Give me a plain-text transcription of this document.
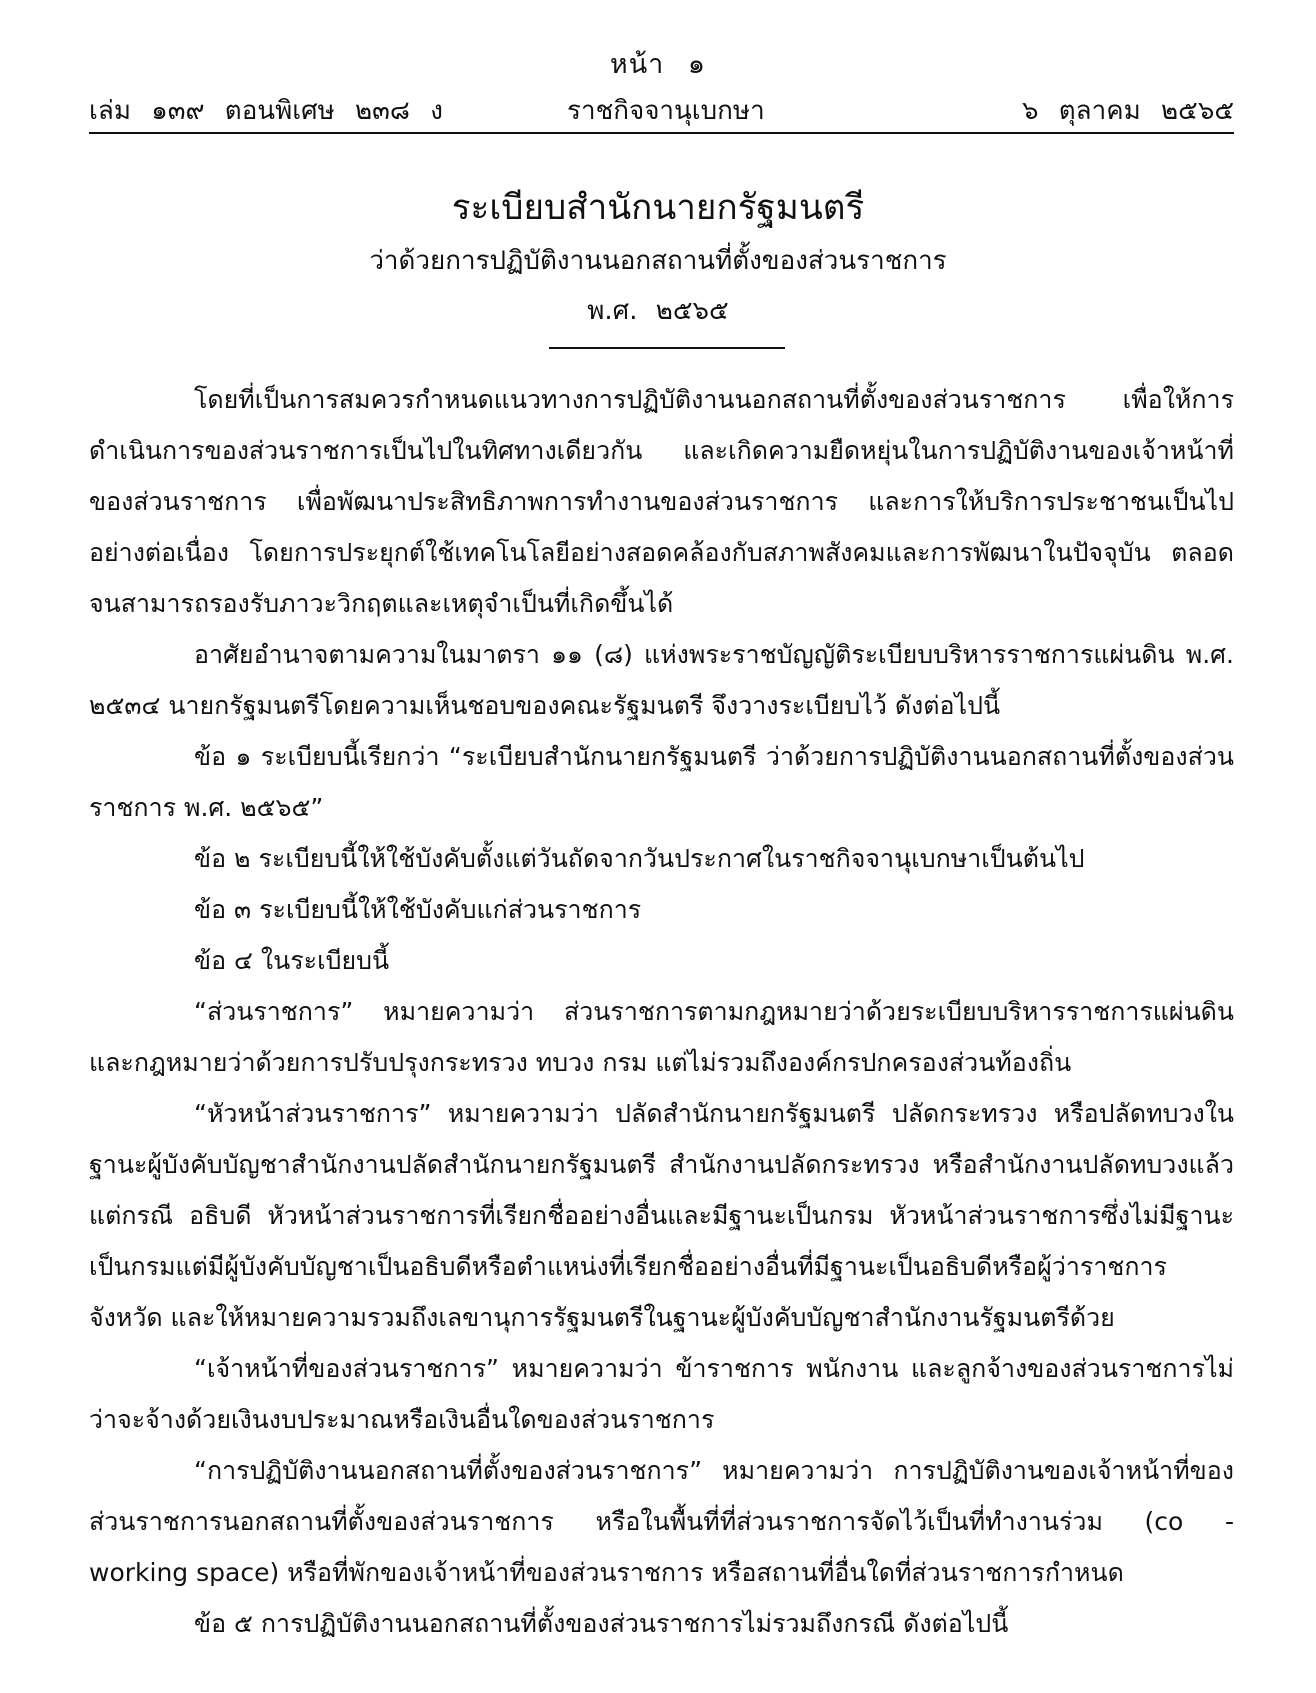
หน้า ๑
เล่ม ๑๓๙ ตอนพิเศษ ๒๓๘ ง	ราชกิจจานุเบกษา	๖ ตุลาคม ๒๕๖๕
ระเบียบสำนักนายกรัฐมนตรี
ว่าด้วยการปฏิบัติงานนอกสถานที่ตั้งของส่วนราชการ
พ.ศ. ๒๕๖๕

โดยที่เป็นการสมควรกำหนดแนวทางการปฏิบัติงานนอกสถานที่ตั้งของส่วนราชการ เพื่อให้การดำเนินการของส่วนราชการเป็นไปในทิศทางเดียวกัน และเกิดความยืดหยุ่นในการปฏิบัติงานของเจ้าหน้าที่ของส่วนราชการ เพื่อพัฒนาประสิทธิภาพการทำงานของส่วนราชการ และการให้บริการประชาชนเป็นไปอย่างต่อเนื่อง โดยการประยุกต์ใช้เทคโนโลยีอย่างสอดคล้องกับสภาพสังคมและการพัฒนาในปัจจุบัน ตลอดจนสามารถรองรับภาวะวิกฤตและเหตุจำเป็นที่เกิดขึ้นได้

อาศัยอำนาจตามความในมาตรา ๑๑ (๘) แห่งพระราชบัญญัติระเบียบบริหารราชการแผ่นดิน พ.ศ. ๒๕๓๔ นายกรัฐมนตรีโดยความเห็นชอบของคณะรัฐมนตรี จึงวางระเบียบไว้ ดังต่อไปนี้

ข้อ ๑ ระเบียบนี้เรียกว่า “ระเบียบสำนักนายกรัฐมนตรี ว่าด้วยการปฏิบัติงานนอกสถานที่ตั้งของส่วนราชการ พ.ศ. ๒๕๖๕”

ข้อ ๒ ระเบียบนี้ให้ใช้บังคับตั้งแต่วันถัดจากวันประกาศในราชกิจจานุเบกษาเป็นต้นไป

ข้อ ๓ ระเบียบนี้ให้ใช้บังคับแก่ส่วนราชการ

ข้อ ๔ ในระเบียบนี้

“ส่วนราชการ” หมายความว่า ส่วนราชการตามกฎหมายว่าด้วยระเบียบบริหารราชการแผ่นดินและกฎหมายว่าด้วยการปรับปรุงกระทรวง ทบวง กรม แต่ไม่รวมถึงองค์กรปกครองส่วนท้องถิ่น

“หัวหน้าส่วนราชการ” หมายความว่า ปลัดสำนักนายกรัฐมนตรี ปลัดกระทรวง หรือปลัดทบวงในฐานะผู้บังคับบัญชาสำนักงานปลัดสำนักนายกรัฐมนตรี สำนักงานปลัดกระทรวง หรือสำนักงานปลัดทบวงแล้วแต่กรณี อธิบดี หัวหน้าส่วนราชการที่เรียกชื่ออย่างอื่นและมีฐานะเป็นกรม หัวหน้าส่วนราชการซึ่งไม่มีฐานะเป็นกรมแต่มีผู้บังคับบัญชาเป็นอธิบดีหรือตำแหน่งที่เรียกชื่ออย่างอื่นที่มีฐานะเป็นอธิบดีหรือผู้ว่าราชการจังหวัด และให้หมายความรวมถึงเลขานุการรัฐมนตรีในฐานะผู้บังคับบัญชาสำนักงานรัฐมนตรีด้วย

“เจ้าหน้าที่ของส่วนราชการ” หมายความว่า ข้าราชการ พนักงาน และลูกจ้างของส่วนราชการไม่ว่าจะจ้างด้วยเงินงบประมาณหรือเงินอื่นใดของส่วนราชการ

“การปฏิบัติงานนอกสถานที่ตั้งของส่วนราชการ” หมายความว่า การปฏิบัติงานของเจ้าหน้าที่ของส่วนราชการนอกสถานที่ตั้งของส่วนราชการ หรือในพื้นที่ที่ส่วนราชการจัดไว้เป็นที่ทำงานร่วม (co - working space) หรือที่พักของเจ้าหน้าที่ของส่วนราชการ หรือสถานที่อื่นใดที่ส่วนราชการกำหนด

ข้อ ๕ การปฏิบัติงานนอกสถานที่ตั้งของส่วนราชการไม่รวมถึงกรณี ดังต่อไปนี้
